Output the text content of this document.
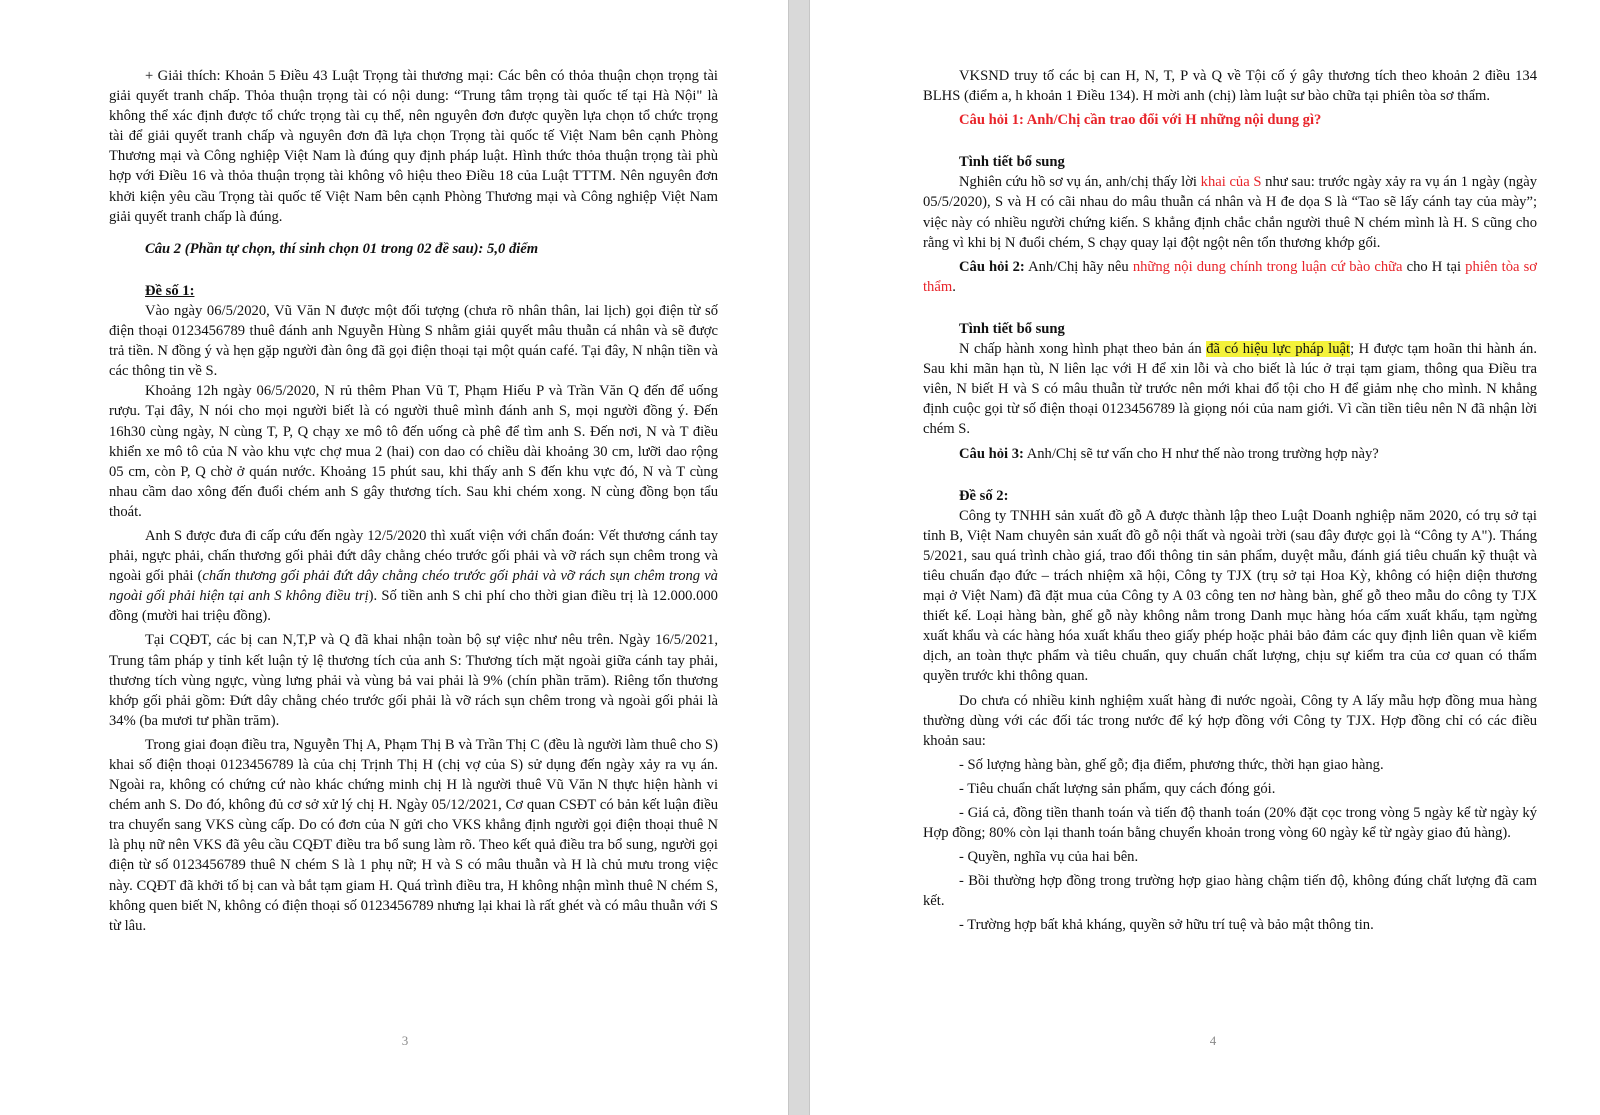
+ Giải thích: Khoản 5 Điều 43 Luật Trọng tài thương mại: Các bên có thỏa thuận chọn trọng tài giải quyết tranh chấp. Thỏa thuận trọng tài có nội dung: “Trung tâm trọng tài quốc tế tại Hà Nội" là không thể xác định được tổ chức trọng tài cụ thể, nên nguyên đơn được quyền lựa chọn tổ chức trọng tài để giải quyết tranh chấp và nguyên đơn đã lựa chọn Trọng tài quốc tế Việt Nam bên cạnh Phòng Thương mại và Công nghiệp Việt Nam là đúng quy định pháp luật. Hình thức thỏa thuận trọng tài phù hợp với Điều 16 và thỏa thuận trọng tài không vô hiệu theo Điều 18 của Luật TTTM. Nên nguyên đơn khởi kiện yêu cầu Trọng tài quốc tế Việt Nam bên cạnh Phòng Thương mại và Công nghiệp Việt Nam giải quyết tranh chấp là đúng.

Câu 2 (Phần tự chọn, thí sinh chọn 01 trong 02 đề sau): 5,0 điểm

Đề số 1:

Vào ngày 06/5/2020, Vũ Văn N được một đối tượng (chưa rõ nhân thân, lai lịch) gọi điện từ số điện thoại 0123456789 thuê đánh anh Nguyễn Hùng S nhằm giải quyết mâu thuẫn cá nhân và sẽ được trả tiền. N đồng ý và hẹn gặp người đàn ông đã gọi điện thoại tại một quán café. Tại đây, N nhận tiền và các thông tin về S.

Khoảng 12h ngày 06/5/2020, N rủ thêm Phan Vũ T, Phạm Hiếu P và Trần Văn Q đến để uống rượu. Tại đây, N nói cho mọi người biết là có người thuê mình đánh anh S, mọi người đồng ý. Đến 16h30 cùng ngày, N cùng T, P, Q chạy xe mô tô đến uống cà phê để tìm anh S. Đến nơi, N và T điều khiển xe mô tô của N vào khu vực chợ mua 2 (hai) con dao có chiều dài khoảng 30 cm, lưỡi dao rộng 05 cm, còn P, Q chờ ở quán nước. Khoảng 15 phút sau, khi thấy anh S đến khu vực đó, N và T cùng nhau cầm dao xông đến đuổi chém anh S gây thương tích. Sau khi chém xong. N cùng đồng bọn tẩu thoát.

Anh S được đưa đi cấp cứu đến ngày 12/5/2020 thì xuất viện với chẩn đoán: Vết thương cánh tay phải, ngực phải, chấn thương gối phải đứt dây chằng chéo trước gối phải và vỡ rách sụn chêm trong và ngoài gối phải (chấn thương gối phải đứt dây chằng chéo trước gối phải và vỡ rách sụn chêm trong và ngoài gối phải hiện tại anh S không điều trị). Số tiền anh S chi phí cho thời gian điều trị là 12.000.000 đồng (mười hai triệu đồng).

Tại CQĐT, các bị can N,T,P và Q đã khai nhận toàn bộ sự việc như nêu trên. Ngày 16/5/2021, Trung tâm pháp y tỉnh kết luận tỷ lệ thương tích của anh S: Thương tích mặt ngoài giữa cánh tay phải, thương tích vùng ngực, vùng lưng phải và vùng bả vai phải là 9% (chín phần trăm). Riêng tổn thương khớp gối phải gồm: Đứt dây chằng chéo trước gối phải là vỡ rách sụn chêm trong và ngoài gối phải là 34% (ba mươi tư phần trăm).

Trong giai đoạn điều tra, Nguyễn Thị A, Phạm Thị B và Trần Thị C (đều là người làm thuê cho S) khai số điện thoại 0123456789 là của chị Trịnh Thị H (chị vợ của S) sử dụng đến ngày xảy ra vụ án. Ngoài ra, không có chứng cứ nào khác chứng minh chị H là người thuê Vũ Văn N thực hiện hành vi chém anh S. Do đó, không đủ cơ sở xử lý chị H. Ngày 05/12/2021, Cơ quan CSĐT có bản kết luận điều tra chuyển sang VKS cùng cấp. Do có đơn của N gửi cho VKS khẳng định người gọi điện thoại thuê N là phụ nữ nên VKS đã yêu cầu CQĐT điều tra bổ sung làm rõ. Theo kết quả điều tra bổ sung, người gọi điện từ số 0123456789 thuê N chém S là 1 phụ nữ; H và S có mâu thuẫn và H là chủ mưu trong việc này. CQĐT đã khởi tố bị can và bắt tạm giam H. Quá trình điều tra, H không nhận mình thuê N chém S, không quen biết N, không có điện thoại số 0123456789 nhưng lại khai là rất ghét và có mâu thuẫn với S từ lâu.

3

VKSND truy tố các bị can H, N, T, P và Q về Tội cố ý gây thương tích theo khoản 2 điều 134 BLHS (điểm a, h khoản 1 Điều 134). H mời anh (chị) làm luật sư bào chữa tại phiên tòa sơ thẩm.

Câu hỏi 1: Anh/Chị cần trao đổi với H những nội dung gì?

Tình tiết bổ sung

Nghiên cứu hồ sơ vụ án, anh/chị thấy lời khai của S như sau: trước ngày xảy ra vụ án 1 ngày (ngày 05/5/2020), S và H có cãi nhau do mâu thuẫn cá nhân và H đe dọa S là “Tao sẽ lấy cánh tay của mày”; việc này có nhiều người chứng kiến. S khẳng định chắc chắn người thuê N chém mình là H. S cũng cho rằng vì khi bị N đuổi chém, S chạy quay lại đột ngột nên tổn thương khớp gối.

Câu hỏi 2: Anh/Chị hãy nêu những nội dung chính trong luận cứ bào chữa cho H tại phiên tòa sơ thẩm.

Tình tiết bổ sung

N chấp hành xong hình phạt theo bản án đã có hiệu lực pháp luật; H được tạm hoãn thi hành án. Sau khi mãn hạn tù, N liên lạc với H để xin lỗi và cho biết là lúc ở trại tạm giam, thông qua Điều tra viên, N biết H và S có mâu thuẫn từ trước nên mới khai đổ tội cho H để giảm nhẹ cho mình. N khẳng định cuộc gọi từ số điện thoại 0123456789 là giọng nói của nam giới. Vì cần tiền tiêu nên N đã nhận lời chém S.

Câu hỏi 3: Anh/Chị sẽ tư vấn cho H như thế nào trong trường hợp này?

Đề số 2:

Công ty TNHH sản xuất đồ gỗ A được thành lập theo Luật Doanh nghiệp năm 2020, có trụ sở tại tỉnh B, Việt Nam chuyên sản xuất đồ gỗ nội thất và ngoài trời (sau đây được gọi là “Công ty A"). Tháng 5/2021, sau quá trình chào giá, trao đổi thông tin sản phẩm, duyệt mẫu, đánh giá tiêu chuẩn kỹ thuật và tiêu chuẩn đạo đức – trách nhiệm xã hội, Công ty TJX (trụ sở tại Hoa Kỳ, không có hiện diện thương mại ở Việt Nam) đã đặt mua của Công ty A 03 công ten nơ hàng bàn, ghế gỗ theo mẫu do công ty TJX thiết kế. Loại hàng bàn, ghế gỗ này không nằm trong Danh mục hàng hóa cấm xuất khẩu, tạm ngừng xuất khẩu và các hàng hóa xuất khẩu theo giấy phép hoặc phải bảo đảm các quy định liên quan về kiểm dịch, an toàn thực phẩm và tiêu chuẩn, quy chuẩn chất lượng, chịu sự kiểm tra của cơ quan có thẩm quyền trước khi thông quan.

Do chưa có nhiều kinh nghiệm xuất hàng đi nước ngoài, Công ty A lấy mẫu hợp đồng mua hàng thường dùng với các đối tác trong nước để ký hợp đồng với Công ty TJX. Hợp đồng chỉ có các điều khoản sau:

- Số lượng hàng bàn, ghế gỗ; địa điểm, phương thức, thời hạn giao hàng.

- Tiêu chuẩn chất lượng sản phẩm, quy cách đóng gói.

- Giá cả, đồng tiền thanh toán và tiến độ thanh toán (20% đặt cọc trong vòng 5 ngày kể từ ngày ký Hợp đồng; 80% còn lại thanh toán bằng chuyển khoản trong vòng 60 ngày kể từ ngày giao đủ hàng).

- Quyền, nghĩa vụ của hai bên.

- Bồi thường hợp đồng trong trường hợp giao hàng chậm tiến độ, không đúng chất lượng đã cam kết.

- Trường hợp bất khả kháng, quyền sở hữu trí tuệ và bảo mật thông tin.

4
